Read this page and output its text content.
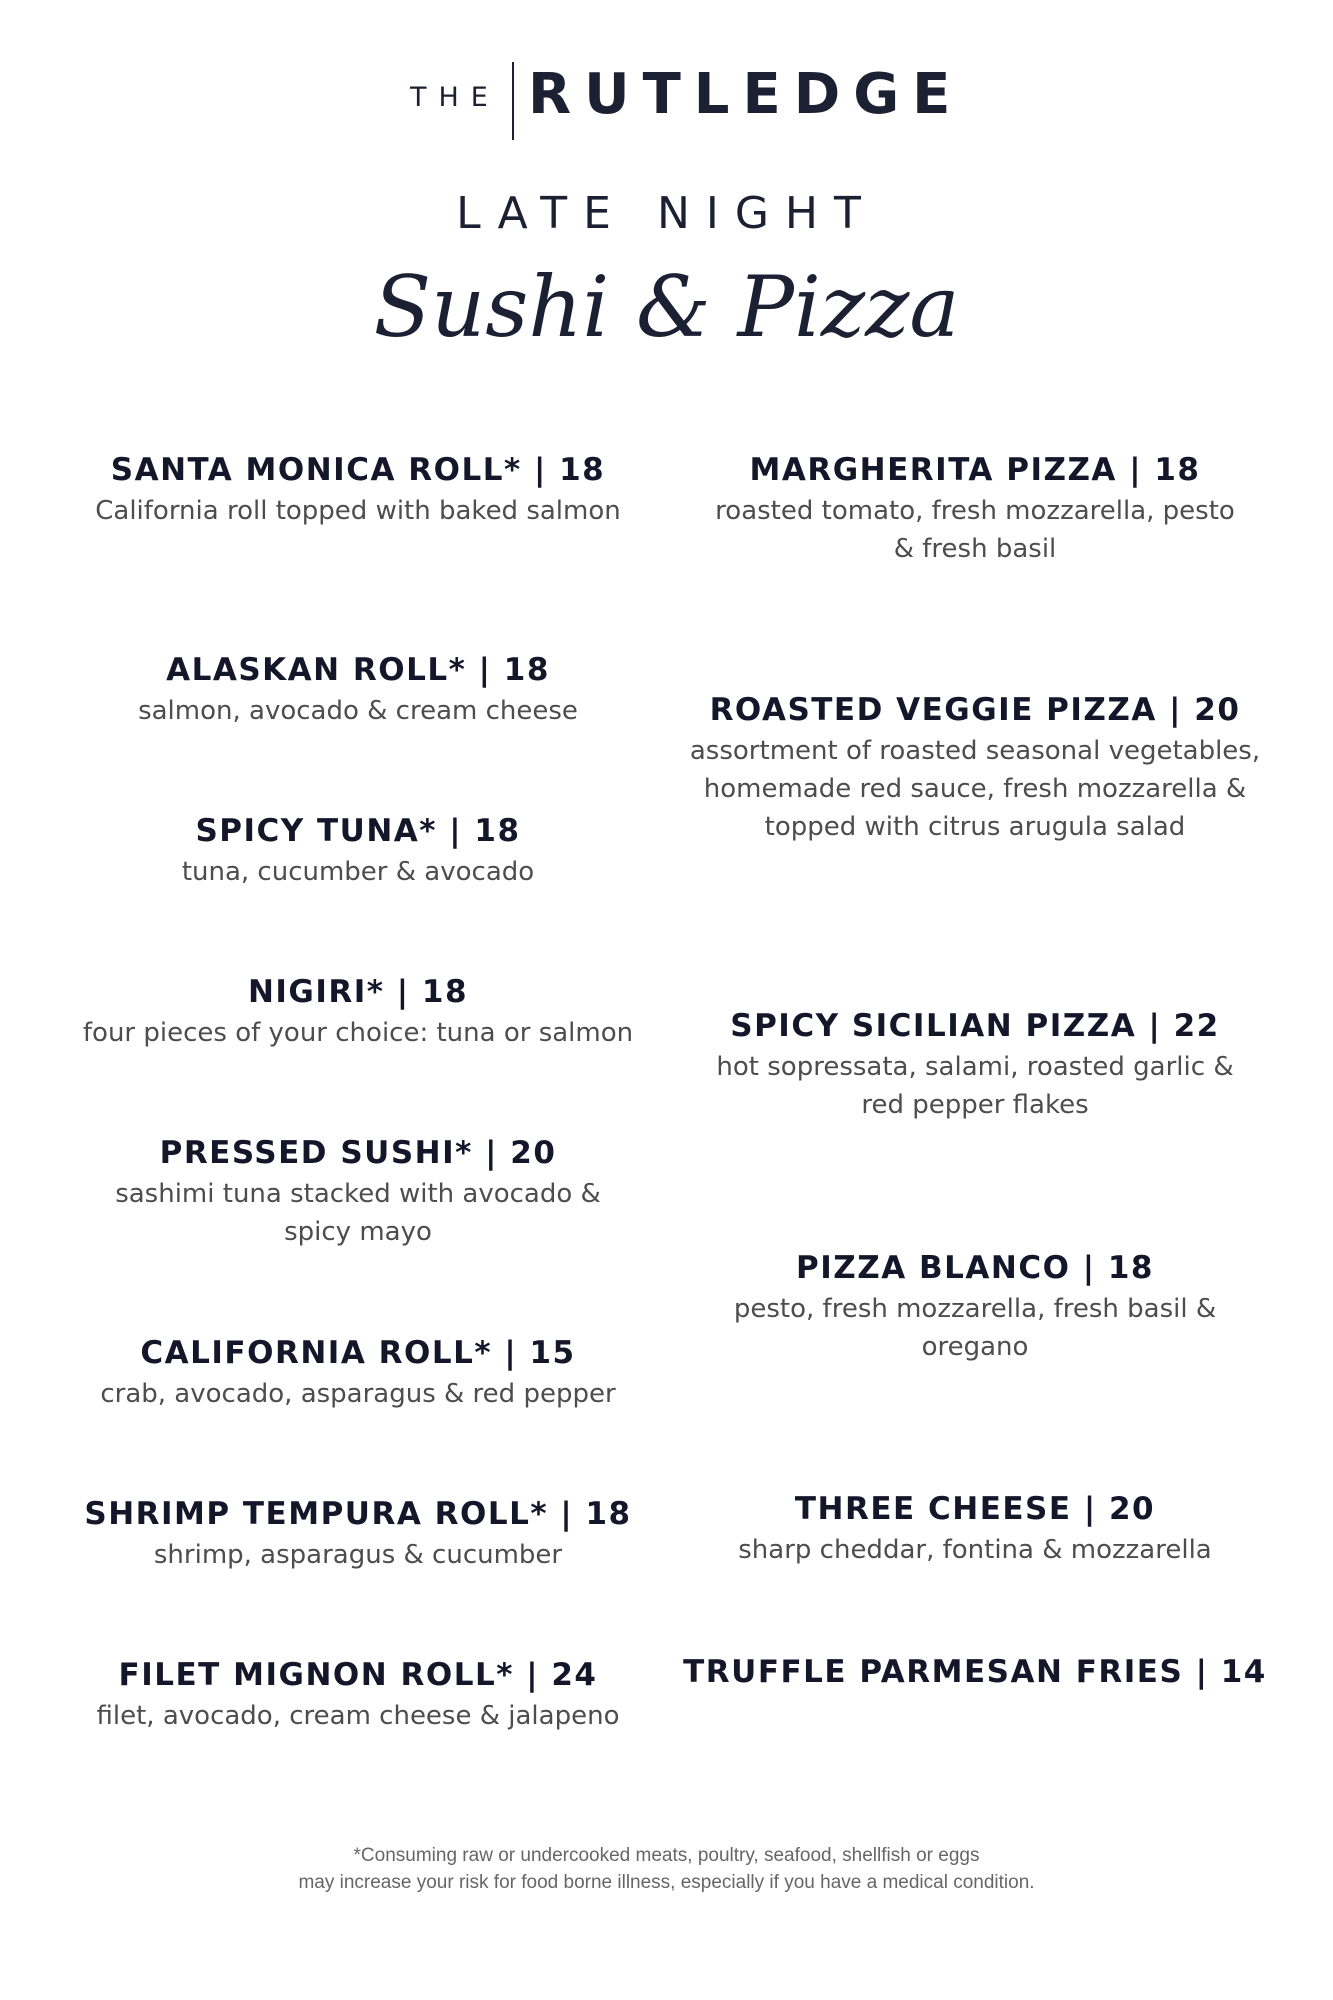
THE RUTLEDGE
LATE NIGHT
Sushi & Pizza
SANTA MONICA ROLL* | 18
California roll topped with baked salmon
ALASKAN ROLL* | 18
salmon, avocado & cream cheese
SPICY TUNA* | 18
tuna, cucumber & avocado
NIGIRI* | 18
four pieces of your choice: tuna or salmon
PRESSED SUSHI* | 20
sashimi tuna stacked with avocado & spicy mayo
CALIFORNIA ROLL* | 15
crab, avocado, asparagus & red pepper
SHRIMP TEMPURA ROLL* | 18
shrimp, asparagus & cucumber
FILET MIGNON ROLL* | 24
filet, avocado, cream cheese & jalapeno
MARGHERITA PIZZA | 18
roasted tomato, fresh mozzarella, pesto & fresh basil
ROASTED VEGGIE PIZZA | 20
assortment of roasted seasonal vegetables, homemade red sauce, fresh mozzarella & topped with citrus arugula salad
SPICY SICILIAN PIZZA | 22
hot sopressata, salami, roasted garlic & red pepper flakes
PIZZA BLANCO | 18
pesto, fresh mozzarella, fresh basil & oregano
THREE CHEESE | 20
sharp cheddar, fontina & mozzarella
TRUFFLE PARMESAN FRIES | 14
*Consuming raw or undercooked meats, poultry, seafood, shellfish or eggs
may increase your risk for food borne illness, especially if you have a medical condition.
